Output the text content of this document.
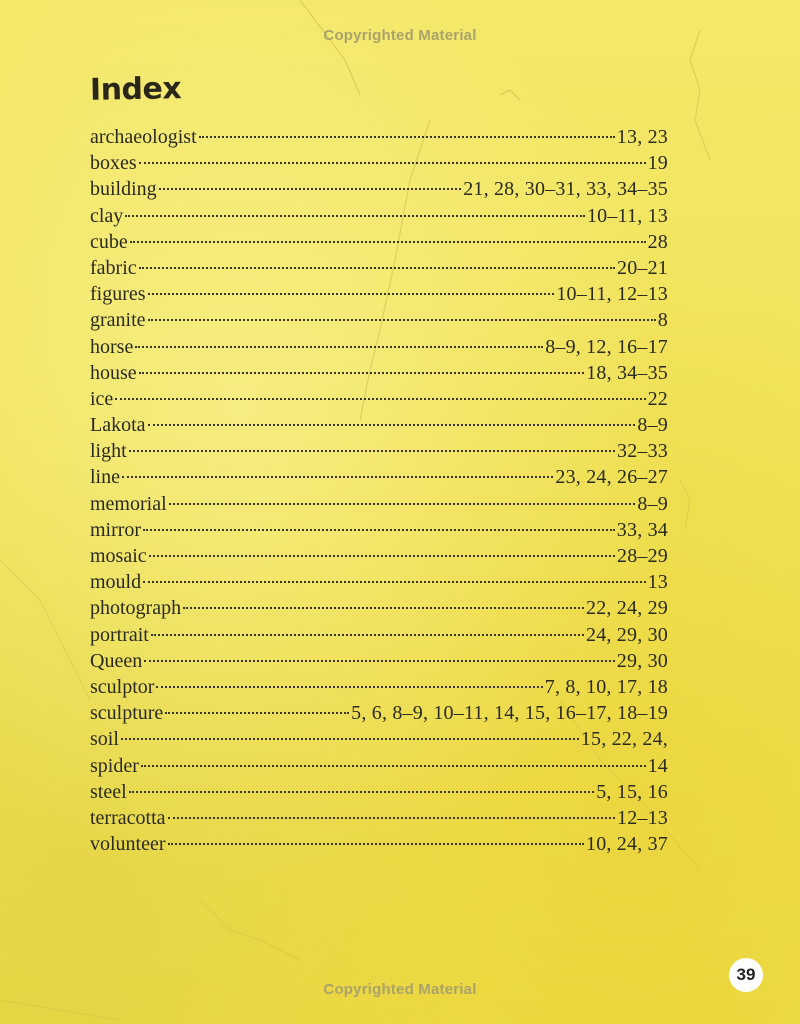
Copyrighted Material
Index
archaeologist	13, 23
boxes	19
building	21, 28, 30–31, 33, 34–35
clay	10–11, 13
cube	28
fabric	20–21
figures	10–11, 12–13
granite	8
horse	8–9, 12, 16–17
house	18, 34–35
ice	22
Lakota	8–9
light	32–33
line	23, 24, 26–27
memorial	8–9
mirror	33, 34
mosaic	28–29
mould	13
photograph	22, 24, 29
portrait	24, 29, 30
Queen	29, 30
sculptor	7, 8, 10, 17, 18
sculpture	5, 6, 8–9, 10–11, 14, 15, 16–17, 18–19
soil	15, 22, 24,
spider	14
steel	5, 15, 16
terracotta	12–13
volunteer	10, 24, 37
Copyrighted Material
39
